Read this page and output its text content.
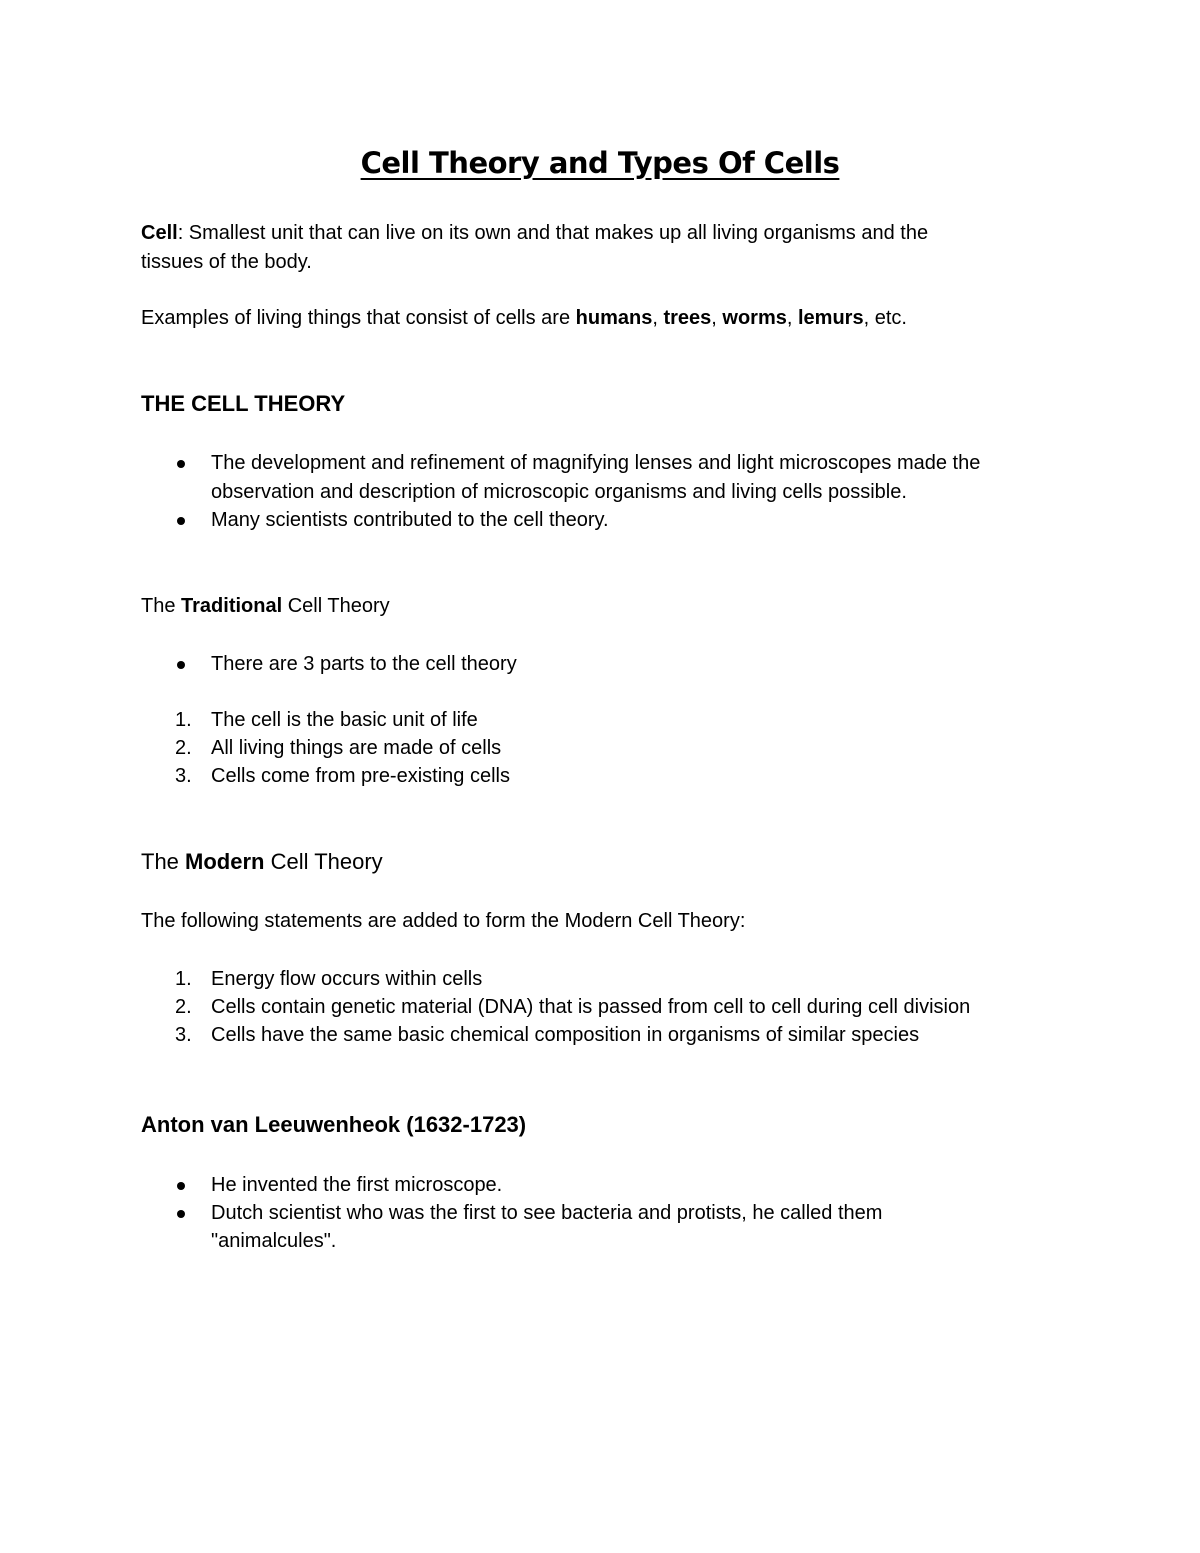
Cell Theory and Types Of Cells

Cell: Smallest unit that can live on its own and that makes up all living organisms and the

tissues of the body.

Examples of living things that consist of cells are humans, trees, worms, lemurs, etc.

THE CELL THEORY

The development and refinement of magnifying lenses and light microscopes made the

observation and description of microscopic organisms and living cells possible.

Many scientists contributed to the cell theory.

The Traditional Cell Theory

There are 3 parts to the cell theory

1. The cell is the basic unit of life

2. All living things are made of cells

3. Cells come from pre-existing cells

The Modern Cell Theory

The following statements are added to form the Modern Cell Theory:

1. Energy flow occurs within cells

2. Cells contain genetic material (DNA) that is passed from cell to cell during cell division

3. Cells have the same basic chemical composition in organisms of similar species

Anton van Leeuwenheok (1632-1723)

He invented the first microscope.

Dutch scientist who was the first to see bacteria and protists, he called them

"animalcules".
